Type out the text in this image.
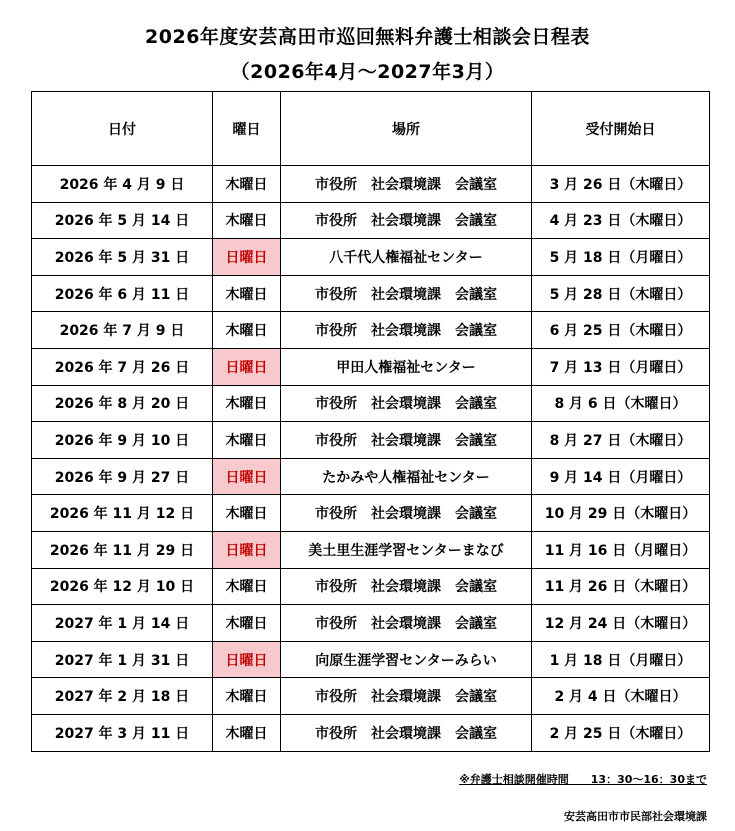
2026年度安芸高田市巡回無料弁護士相談会日程表
（2026年4月～2027年3月）
日付	曜日	場所	受付開始日
2026 年 4 月 9 日	木曜日	市役所　社会環境課　会議室	3 月 26 日（木曜日）
2026 年 5 月 14 日	木曜日	市役所　社会環境課　会議室	4 月 23 日（木曜日）
2026 年 5 月 31 日	日曜日	八千代人権福祉センター	5 月 18 日（月曜日）
2026 年 6 月 11 日	木曜日	市役所　社会環境課　会議室	5 月 28 日（木曜日）
2026 年 7 月 9 日	木曜日	市役所　社会環境課　会議室	6 月 25 日（木曜日）
2026 年 7 月 26 日	日曜日	甲田人権福祉センター	7 月 13 日（月曜日）
2026 年 8 月 20 日	木曜日	市役所　社会環境課　会議室	8 月 6 日（木曜日）
2026 年 9 月 10 日	木曜日	市役所　社会環境課　会議室	8 月 27 日（木曜日）
2026 年 9 月 27 日	日曜日	たかみや人権福祉センター	9 月 14 日（月曜日）
2026 年 11 月 12 日	木曜日	市役所　社会環境課　会議室	10 月 29 日（木曜日）
2026 年 11 月 29 日	日曜日	美土里生涯学習センターまなび	11 月 16 日（月曜日）
2026 年 12 月 10 日	木曜日	市役所　社会環境課　会議室	11 月 26 日（木曜日）
2027 年 1 月 14 日	木曜日	市役所　社会環境課　会議室	12 月 24 日（木曜日）
2027 年 1 月 31 日	日曜日	向原生涯学習センターみらい	1 月 18 日（月曜日）
2027 年 2 月 18 日	木曜日	市役所　社会環境課　会議室	2 月 4 日（木曜日）
2027 年 3 月 11 日	木曜日	市役所　社会環境課　会議室	2 月 25 日（木曜日）
※弁護士相談開催時間　　13：30～16：30まで
安芸高田市市民部社会環境課
